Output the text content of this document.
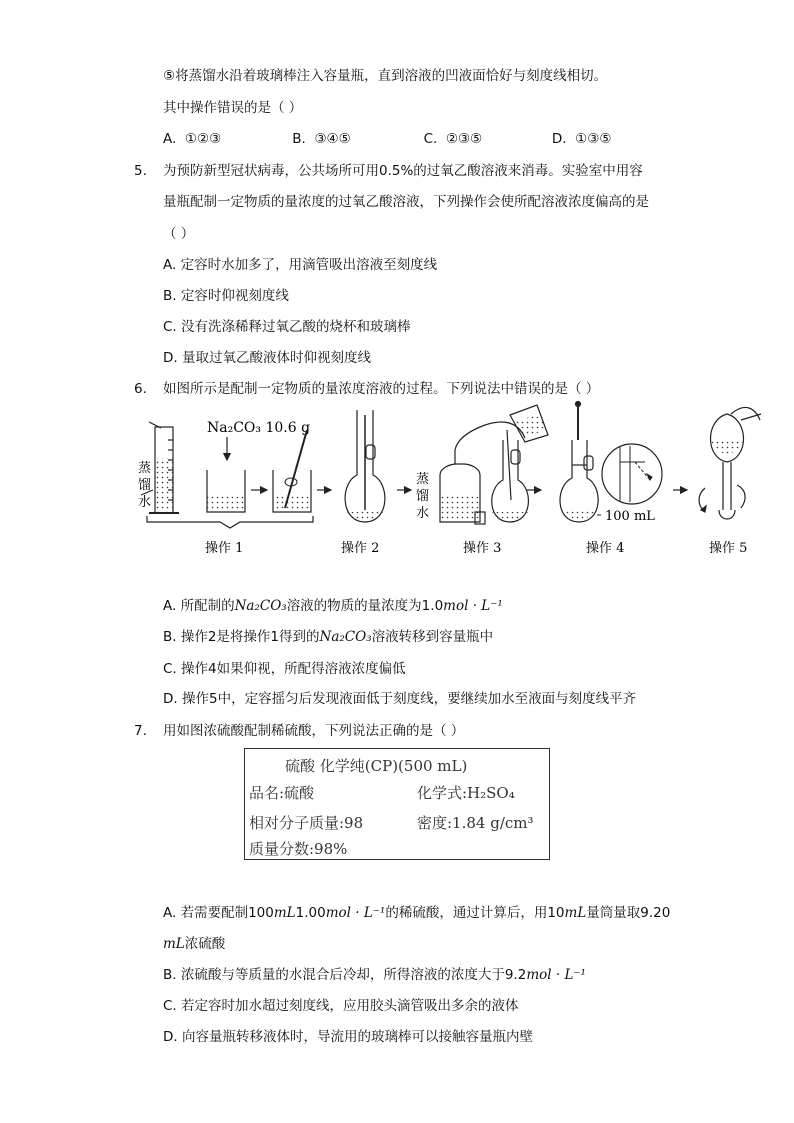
⑤将蒸馏水沿着玻璃棒注入容量瓶，直到溶液的凹液面恰好与刻度线相切。
其中操作错误的是（ ）
A. ①②③	B. ③④⑤	C. ②③⑤	D. ①③⑤
5. 为预防新型冠状病毒，公共场所可用0.5%的过氧乙酸溶液来消毒。实验室中用容
量瓶配制一定物质的量浓度的过氧乙酸溶液，下列操作会使所配溶液浓度偏高的是
（ ）
A. 定容时水加多了，用滴管吸出溶液至刻度线
B. 定容时仰视刻度线
C. 没有洗涤稀释过氧乙酸的烧杯和玻璃棒
D. 量取过氧乙酸液体时仰视刻度线
6. 如图所示是配制一定物质的量浓度溶液的过程。下列说法中错误的是（ ）
蒸
馏
水
Na₂CO₃ 10.6 g
蒸
馏
水	100 mL
操作 1	操作 2	操作 3	操作 4	操作 5
A. 所配制的Na₂CO₃溶液的物质的量浓度为1.0mol · L⁻¹
B. 操作2是将操作1得到的Na₂CO₃溶液转移到容量瓶中
C. 操作4如果仰视，所配得溶液浓度偏低
D. 操作5中，定容摇匀后发现液面低于刻度线，要继续加水至液面与刻度线平齐
7. 用如图浓硫酸配制稀硫酸，下列说法正确的是（ ）
硫酸 化学纯(CP)(500 mL)
品名:硫酸	化学式:H₂SO₄
相对分子质量:98	密度:1.84 g/cm³
质量分数:98%
A. 若需要配制100mL1.00mol · L⁻¹的稀硫酸，通过计算后，用10mL量筒量取9.20
mL浓硫酸
B. 浓硫酸与等质量的水混合后冷却，所得溶液的浓度大于9.2mol · L⁻¹
C. 若定容时加水超过刻度线，应用胶头滴管吸出多余的液体
D. 向容量瓶转移液体时，导流用的玻璃棒可以接触容量瓶内壁
